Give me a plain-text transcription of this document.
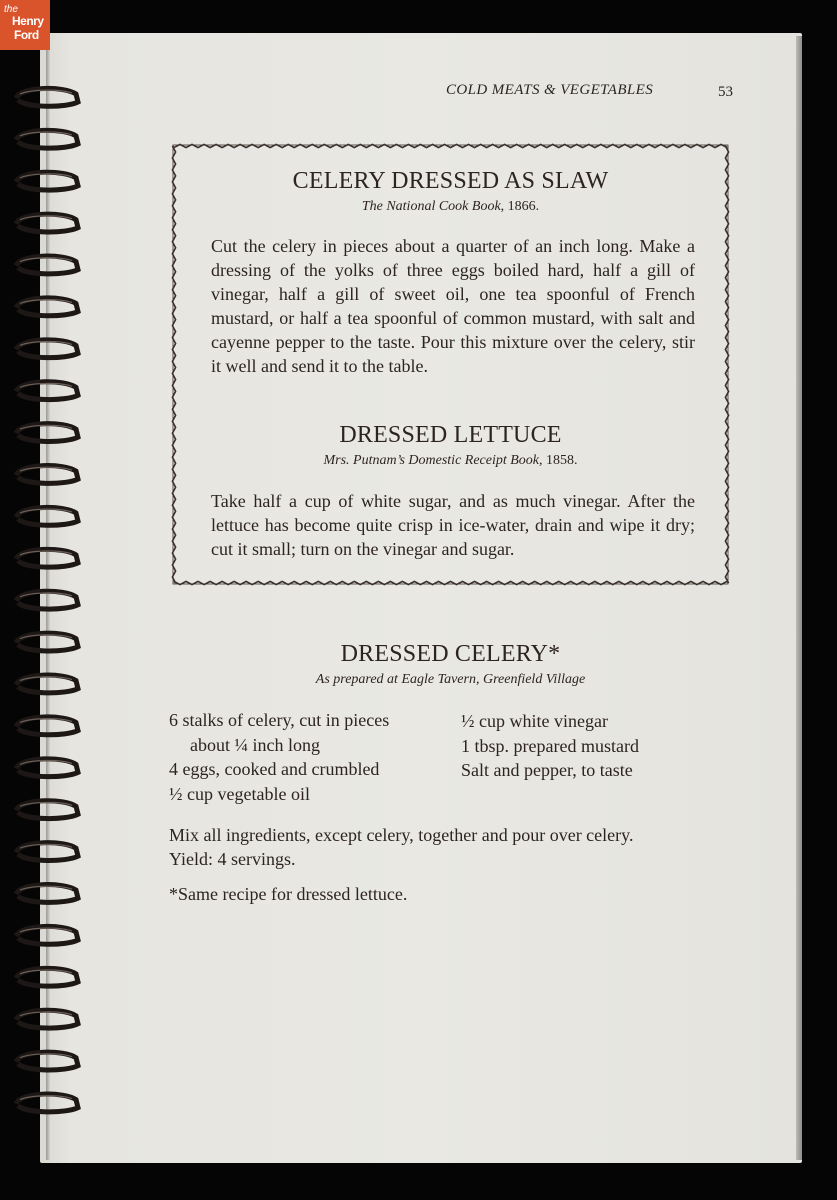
the
Henry
Ford
COLD MEATS & VEGETABLES	53
CELERY DRESSED AS SLAW
The National Cook Book, 1866.
Cut the celery in pieces about a quarter of an inch long. Make a dressing of the yolks of three eggs boiled hard, half a gill of vinegar, half a gill of sweet oil, one tea spoonful of French mustard, or half a tea spoonful of common mustard, with salt and cayenne pepper to the taste. Pour this mixture over the celery, stir it well and send it to the table.
DRESSED LETTUCE
Mrs. Putnam’s Domestic Receipt Book, 1858.
Take half a cup of white sugar, and as much vinegar. After the lettuce has become quite crisp in ice-water, drain and wipe it dry; cut it small; turn on the vinegar and sugar.
DRESSED CELERY*
As prepared at Eagle Tavern, Greenfield Village
6 stalks of celery, cut in pieces
about ¼ inch long
4 eggs, cooked and crumbled
½ cup vegetable oil
½ cup white vinegar
1 tbsp. prepared mustard
Salt and pepper, to taste
Mix all ingredients, except celery, together and pour over celery.
Yield: 4 servings.
*Same recipe for dressed lettuce.
